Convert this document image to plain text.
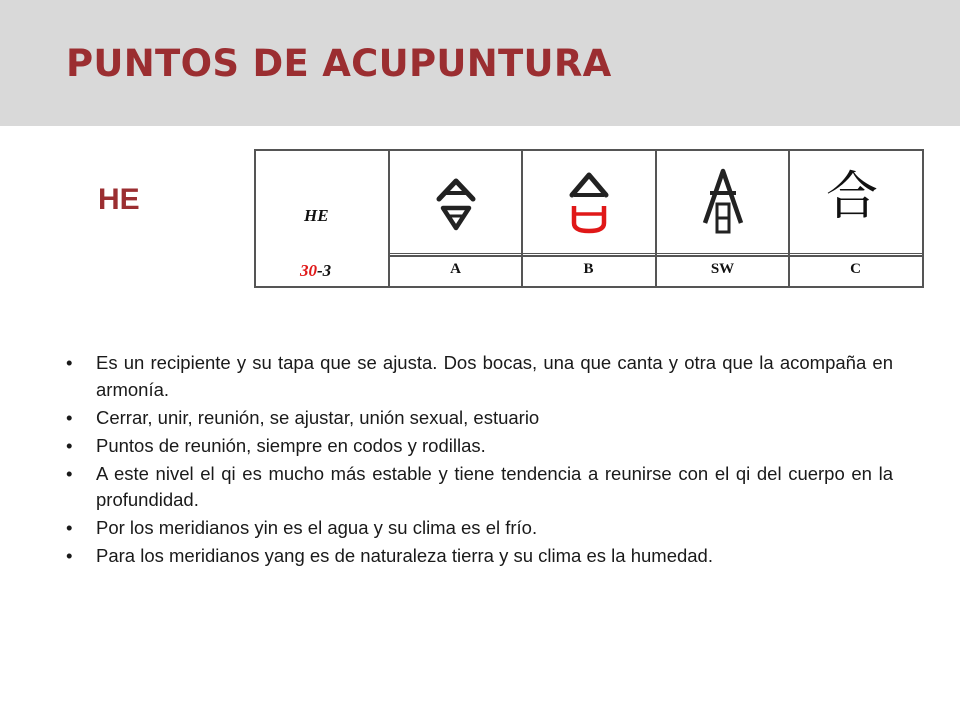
PUNTOS DE ACUPUNTURA
HE	HE
30-3
合
A	B	SW	C
• Es un recipiente y su tapa que se ajusta. Dos bocas, una que canta y otra que la acompaña en armonía.
• Cerrar, unir, reunión, se ajustar, unión sexual, estuario
• Puntos de reunión, siempre en codos y rodillas.
• A este nivel el qi es mucho más estable y tiene tendencia a reunirse con el qi del cuerpo en la profundidad.
• Por los meridianos yin es el agua y su clima es el frío.
• Para los meridianos yang es de naturaleza tierra y su clima es la humedad.
